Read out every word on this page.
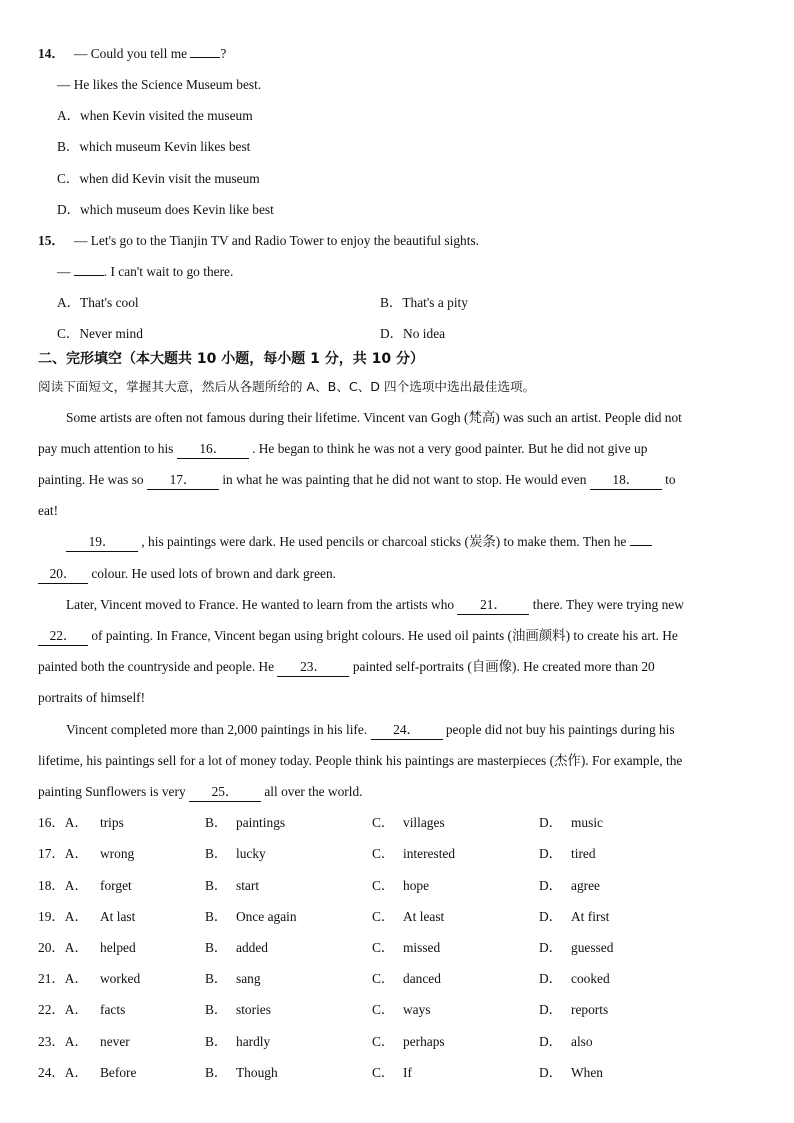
14． — Could you tell me ?
— He likes the Science Museum best.
A．when Kevin visited the museum
B．which museum Kevin likes best
C．when did Kevin visit the museum
D．which museum does Kevin like best
15． — Let's go to the Tianjin TV and Radio Tower to enjoy the beautiful sights.
— . I can't wait to go there.
A．That's cool	B．That's a pity
C．Never mind	D．No idea
二、完形填空（本大题共 10 小题，每小题 1 分，共 10 分）
阅读下面短文，掌握其大意，然后从各题所给的 A、B、C、D 四个选项中选出最佳选项。
Some artists are often not famous during their lifetime. Vincent van Gogh (梵高) was such an artist. People did not
pay much attention to his 16． . He began to think he was not a very good painter. But he did not give up
painting. He was so 17． in what he was painting that he did not want to stop. He would even 18． to
eat!
19． , his paintings were dark. He used pencils or charcoal sticks (炭条) to make them. Then he
20． colour. He used lots of brown and dark green.
Later, Vincent moved to France. He wanted to learn from the artists who 21． there. They were trying new
22． of painting. In France, Vincent began using bright colours. He used oil paints (油画颜料) to create his art. He
painted both the countryside and people. He 23． painted self-portraits (自画像). He created more than 20
portraits of himself!
Vincent completed more than 2,000 paintings in his life. 24． people did not buy his paintings during his
lifetime, his paintings sell for a lot of money today. People think his paintings are masterpieces (杰作). For example, the
painting Sunflowers is very 25． all over the world.
16．A． trips	B． paintings	C． villages	D． music
17．A． wrong	B． lucky	C． interested	D． tired
18．A． forget	B． start	C． hope	D． agree
19．A． At last	B． Once again	C． At least	D． At first
20．A． helped	B． added	C． missed	D． guessed
21．A． worked	B． sang	C． danced	D． cooked
22．A． facts	B． stories	C． ways	D． reports
23．A． never	B． hardly	C． perhaps	D． also
24．A． Before	B． Though	C． If	D． When
